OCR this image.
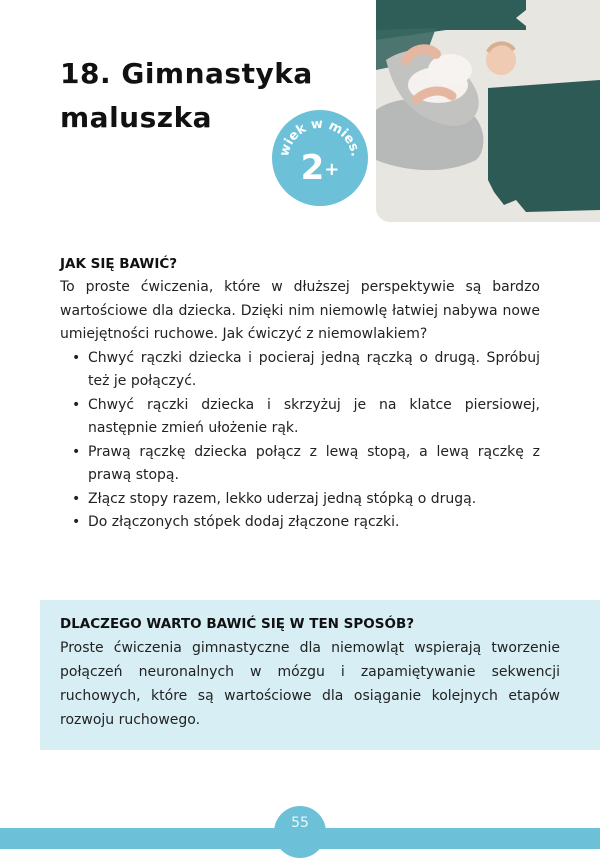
18. Gimnastyka
maluszka
wiek w mies.
2+
JAK SIĘ BAWIĆ?

To proste ćwiczenia, które w dłuższej perspektywie są bardzo wartościowe dla dziecka. Dzięki nim niemowlę łatwiej nabywa nowe umiejętności ruchowe. Jak ćwiczyć z niemowlakiem?

• Chwyć rączki dziecka i pocieraj jedną rączką o drugą. Spróbuj też je połączyć.
• Chwyć rączki dziecka i skrzyżuj je na klatce piersiowej, następnie zmień ułożenie rąk.
• Prawą rączkę dziecka połącz z lewą stopą, a lewą rączkę z prawą stopą.
• Złącz stopy razem, lekko uderzaj jedną stópką o drugą.
• Do złączonych stópek dodaj złączone rączki.
DLACZEGO WARTO BAWIĆ SIĘ W TEN SPOSÓB?

Proste ćwiczenia gimnastyczne dla niemowląt wspierają tworzenie połączeń neuronalnych w mózgu i zapamiętywanie sekwencji ruchowych, które są wartościowe dla osiąganie kolejnych etapów rozwoju ruchowego.

55
